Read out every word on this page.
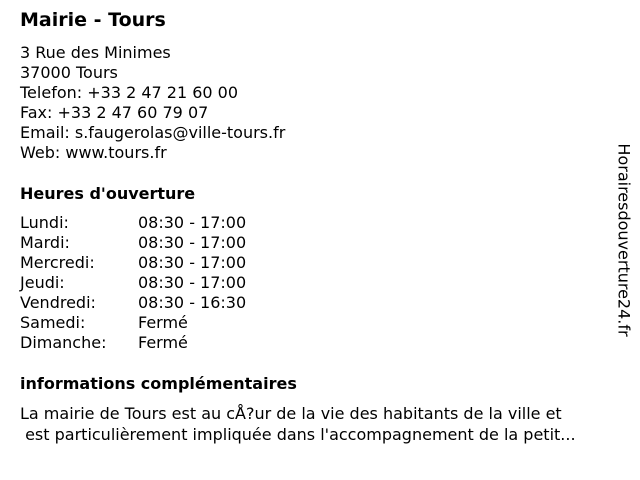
Mairie - Tours
3 Rue des Minimes
37000 Tours
Telefon: +33 2 47 21 60 00
Fax: +33 2 47 60 79 07
Email: s.faugerolas@ville-tours.fr
Web: www.tours.fr
Heures d'ouverture
Lundi:	08:30 - 17:00
Mardi:	08:30 - 17:00
Mercredi:	08:30 - 17:00
Jeudi:	08:30 - 17:00
Vendredi:	08:30 - 16:30
Samedi:	Fermé
Dimanche:	Fermé
informations complémentaires
La mairie de Tours est au cÅ?ur de la vie des habitants de la ville et
est particulièrement impliquée dans l'accompagnement de la petit...
Horairesdouverture24.fr
